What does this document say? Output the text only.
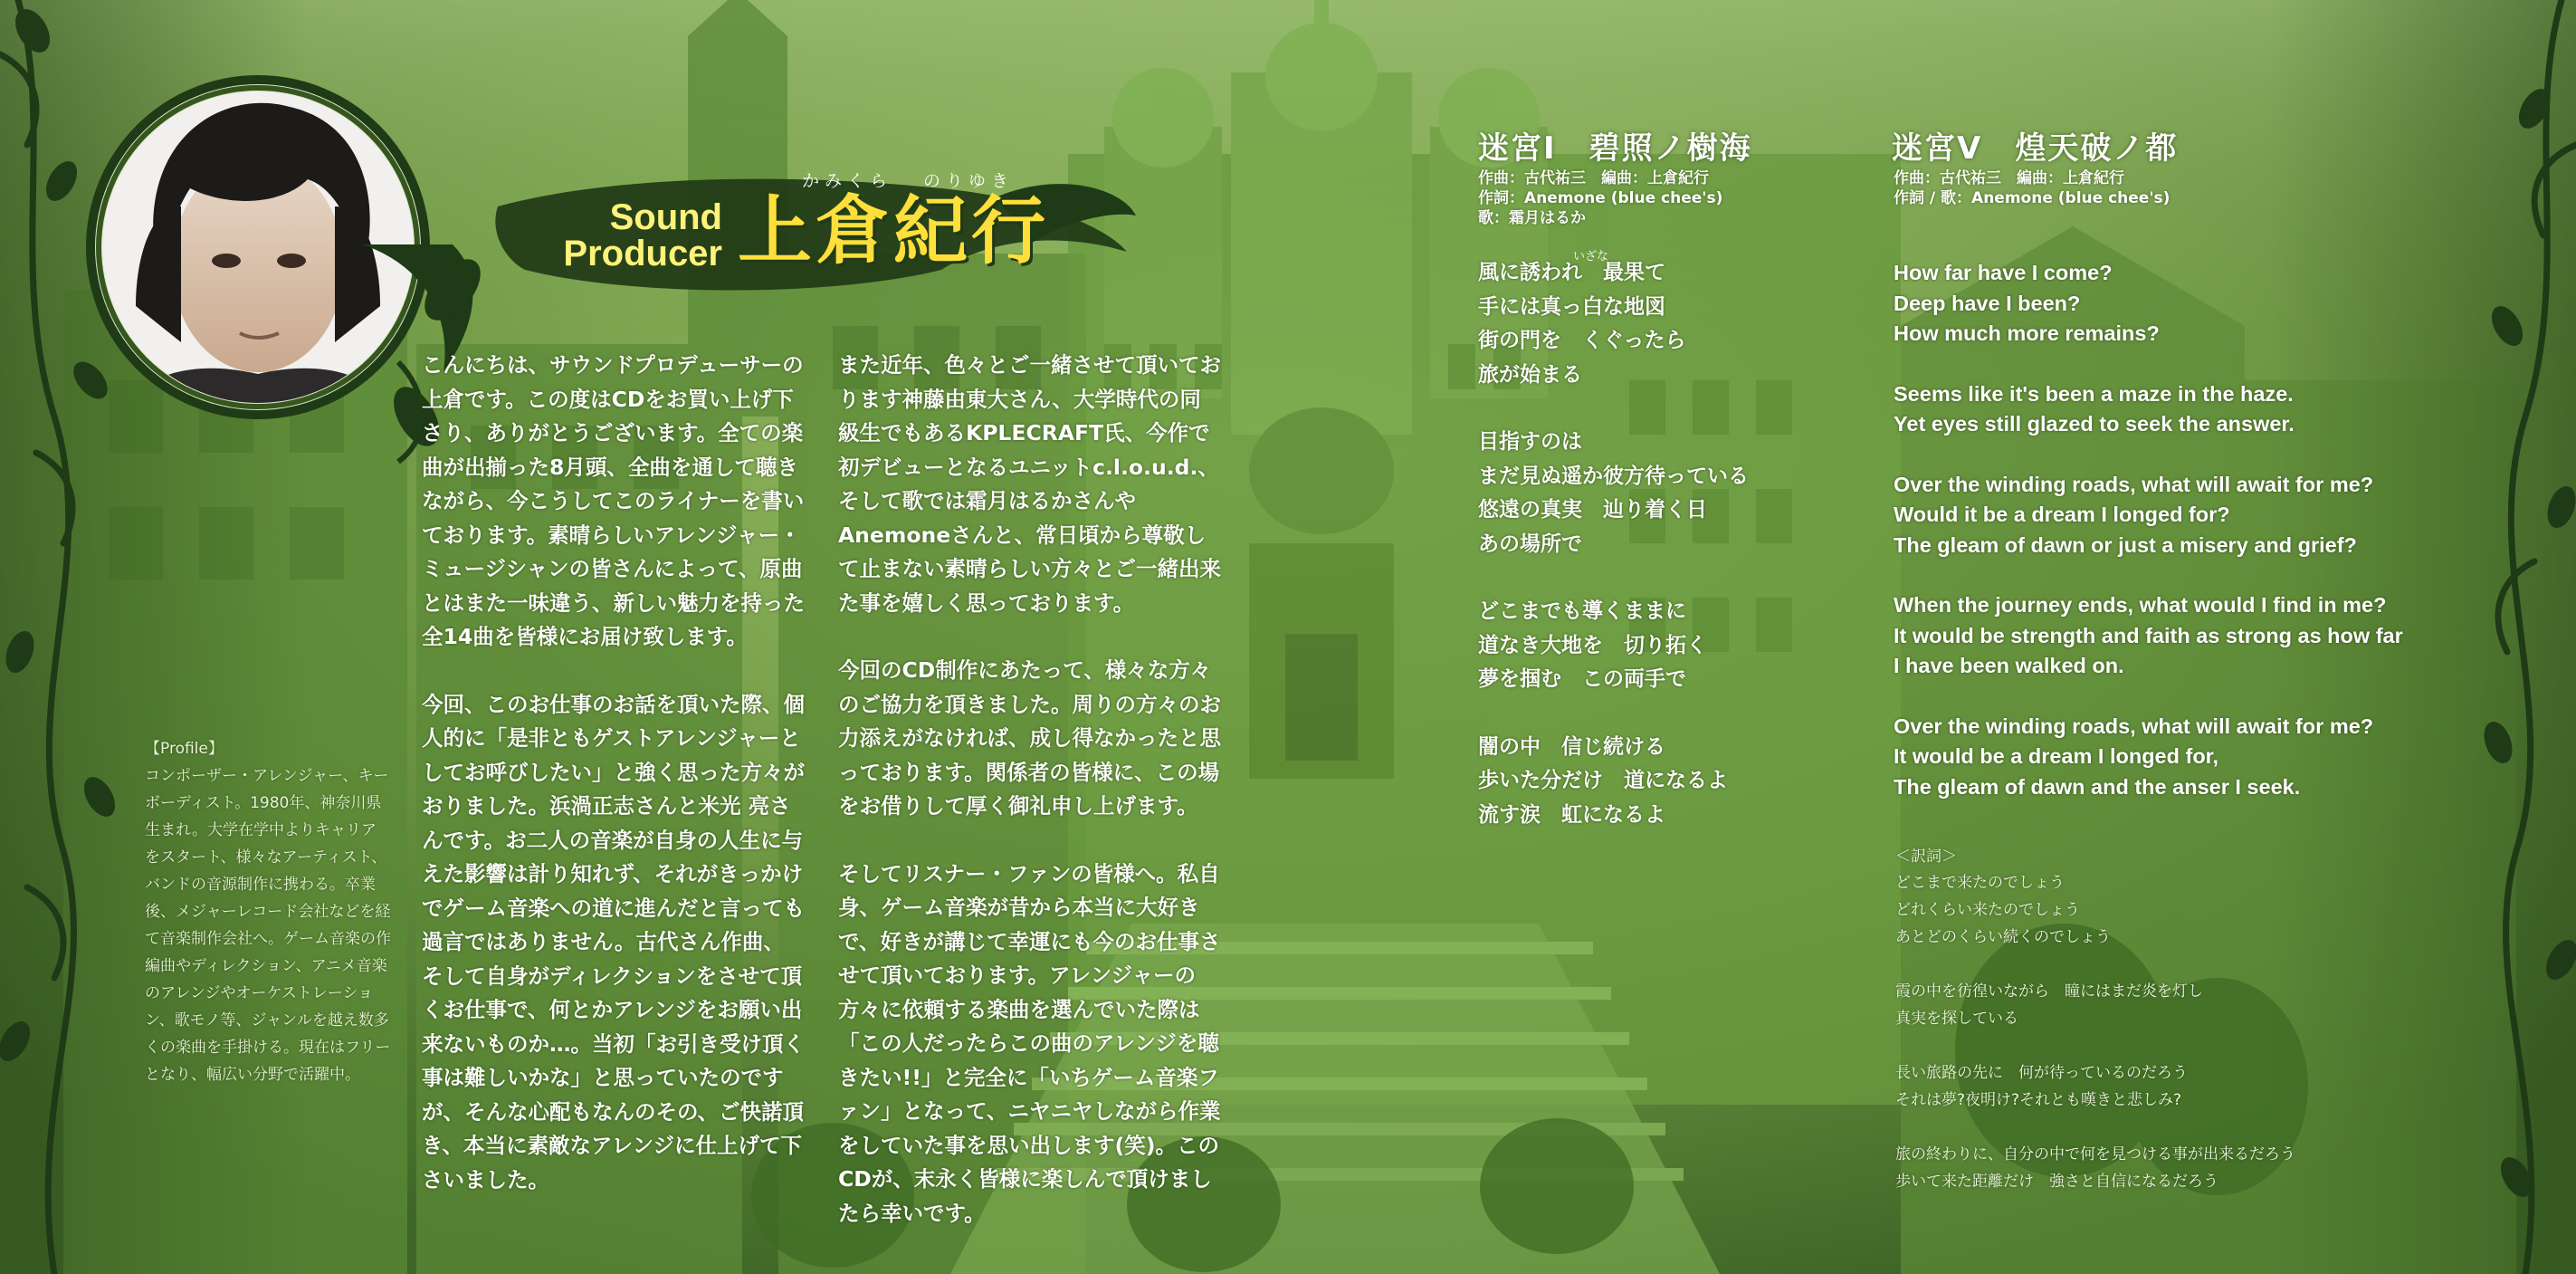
Sound
Producer
かみくら のりゆき
上倉紀行

こんにちは、サウンドプロデューサーの上倉です。この度はCDをお買い上げ下さり、ありがとうございます。全ての楽曲が出揃った8月頭、全曲を通して聴きながら、今こうしてこのライナーを書いております。素晴らしいアレンジャー・ミュージシャンの皆さんによって、原曲とはまた一味違う、新しい魅力を持った全14曲を皆様にお届け致します。

今回、このお仕事のお話を頂いた際、個人的に「是非ともゲストアレンジャーとしてお呼びしたい」と強く思った方々がおりました。浜渦正志さんと米光 亮さんです。お二人の音楽が自身の人生に与えた影響は計り知れず、それがきっかけでゲーム音楽への道に進んだと言っても過言ではありません。古代さん作曲、そして自身がディレクションをさせて頂くお仕事で、何とかアレンジをお願い出来ないものか…。当初「お引き受け頂く事は難しいかな」と思っていたのですが、そんな心配もなんのその、ご快諾頂き、本当に素敵なアレンジに仕上げて下さいました。

また近年、色々とご一緒させて頂いております神藤由東大さん、大学時代の同級生でもあるKPLECRAFT氏、今作で初デビューとなるユニットc.l.o.u.d.、そして歌では霜月はるかさんやAnemoneさんと、常日頃から尊敬して止まない素晴らしい方々とご一緒出来た事を嬉しく思っております。

今回のCD制作にあたって、様々な方々のご協力を頂きました。周りの方々のお力添えがなければ、成し得なかったと思っております。関係者の皆様に、この場をお借りして厚く御礼申し上げます。

そしてリスナー・ファンの皆様へ。私自身、ゲーム音楽が昔から本当に大好きで、好きが講じて幸運にも今のお仕事させて頂いております。アレンジャーの方々に依頼する楽曲を選んでいた際は「この人だったらこの曲のアレンジを聴きたい!!」と完全に「いちゲーム音楽ファン」となって、ニヤニヤしながら作業をしていた事を思い出します(笑)。このCDが、末永く皆様に楽しんで頂けましたら幸いです。

【Profile】
コンポーザー・アレンジャー、キーボーディスト。1980年、神奈川県生まれ。大学在学中よりキャリアをスタート、様々なアーティスト、バンドの音源制作に携わる。卒業後、メジャーレコード会社などを経て音楽制作会社へ。ゲーム音楽の作編曲やディレクション、アニメ音楽のアレンジやオーケストレーション、歌モノ等、ジャンルを越え数多くの楽曲を手掛ける。現在はフリーとなり、幅広い分野で活躍中。
迷宮Ⅰ　碧照ノ樹海
作曲：古代祐三　編曲：上倉紀行
作詞：Anemone (blue chee's)
歌：霜月はるか
いざな
風に誘われ　最果て
手には真っ白な地図
街の門を　くぐったら
旅が始まる
目指すのは
まだ見ぬ遥か彼方待っている
悠遠の真実　辿り着く日
あの場所で
どこまでも導くままに
道なき大地を　切り拓く
夢を掴む　この両手で
闇の中　信じ続ける
歩いた分だけ　道になるよ
流す涙　虹になるよ
迷宮Ⅴ　煌天破ノ都
作曲：古代祐三　編曲：上倉紀行
作詞 / 歌：Anemone (blue chee's)
How far have I come?
Deep have I been?
How much more remains?
Seems like it's been a maze in the haze.
Yet eyes still glazed to seek the answer.
Over the winding roads, what will await for me?
Would it be a dream I longed for?
The gleam of dawn or just a misery and grief?
When the journey ends, what would I find in me?
It would be strength and faith as strong as how far
I have been walked on.
Over the winding roads, what will await for me?
It would be a dream I longed for,
The gleam of dawn and the anser I seek.
＜訳詞＞
どこまで来たのでしょう
どれくらい来たのでしょう
あとどのくらい続くのでしょう
霞の中を彷徨いながら　瞳にはまだ炎を灯し
真実を探している
長い旅路の先に　何が待っているのだろう
それは夢?夜明け?それとも嘆きと悲しみ?
旅の終わりに、自分の中で何を見つける事が出来るだろう
歩いて来た距離だけ　強さと自信になるだろう
